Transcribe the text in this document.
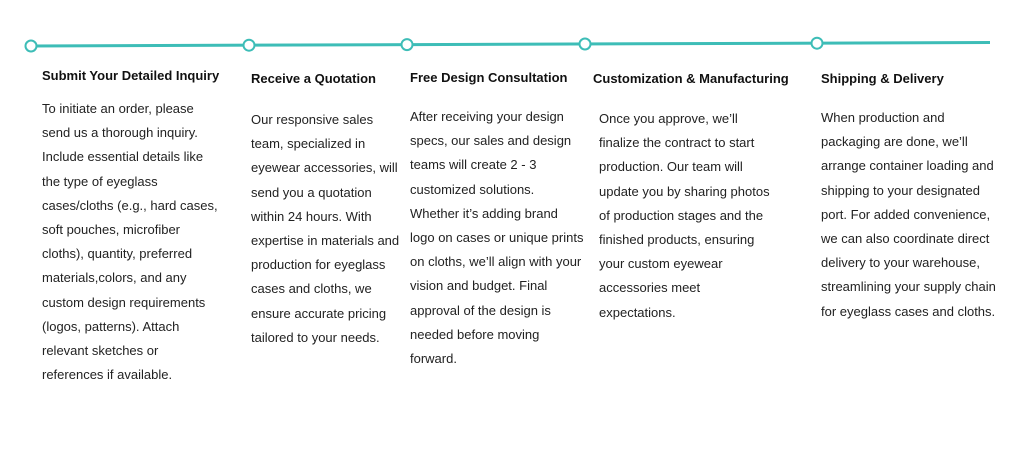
Submit Your Detailed Inquiry

To initiate an order, please send us a thorough inquiry. Include essential details like the type of eyeglass cases/cloths (e.g., hard cases, soft pouches, microfiber cloths), quantity, preferred materials,colors, and any custom design requirements (logos, patterns). Attach relevant sketches or references if available.

Receive a Quotation

Our responsive sales team, specialized in eyewear accessories, will send you a quotation within 24 hours. With expertise in materials and production for eyeglass cases and cloths, we ensure accurate pricing tailored to your needs.

Free Design Consultation

After receiving your design specs, our sales and design teams will create 2 - 3 customized solutions. Whether it’s adding brand logo on cases or unique prints on cloths, we’ll align with your vision and budget. Final approval of the design is needed before moving forward.

Customization & Manufacturing

Once you approve, we’ll finalize the contract to start production. Our team will update you by sharing photos of production stages and the finished products, ensuring your custom eyewear accessories meet expectations.

Shipping & Delivery

When production and packaging are done, we’ll arrange container loading and shipping to your designated port. For added convenience, we can also coordinate direct delivery to your warehouse, streamlining your supply chain for eyeglass cases and cloths.
